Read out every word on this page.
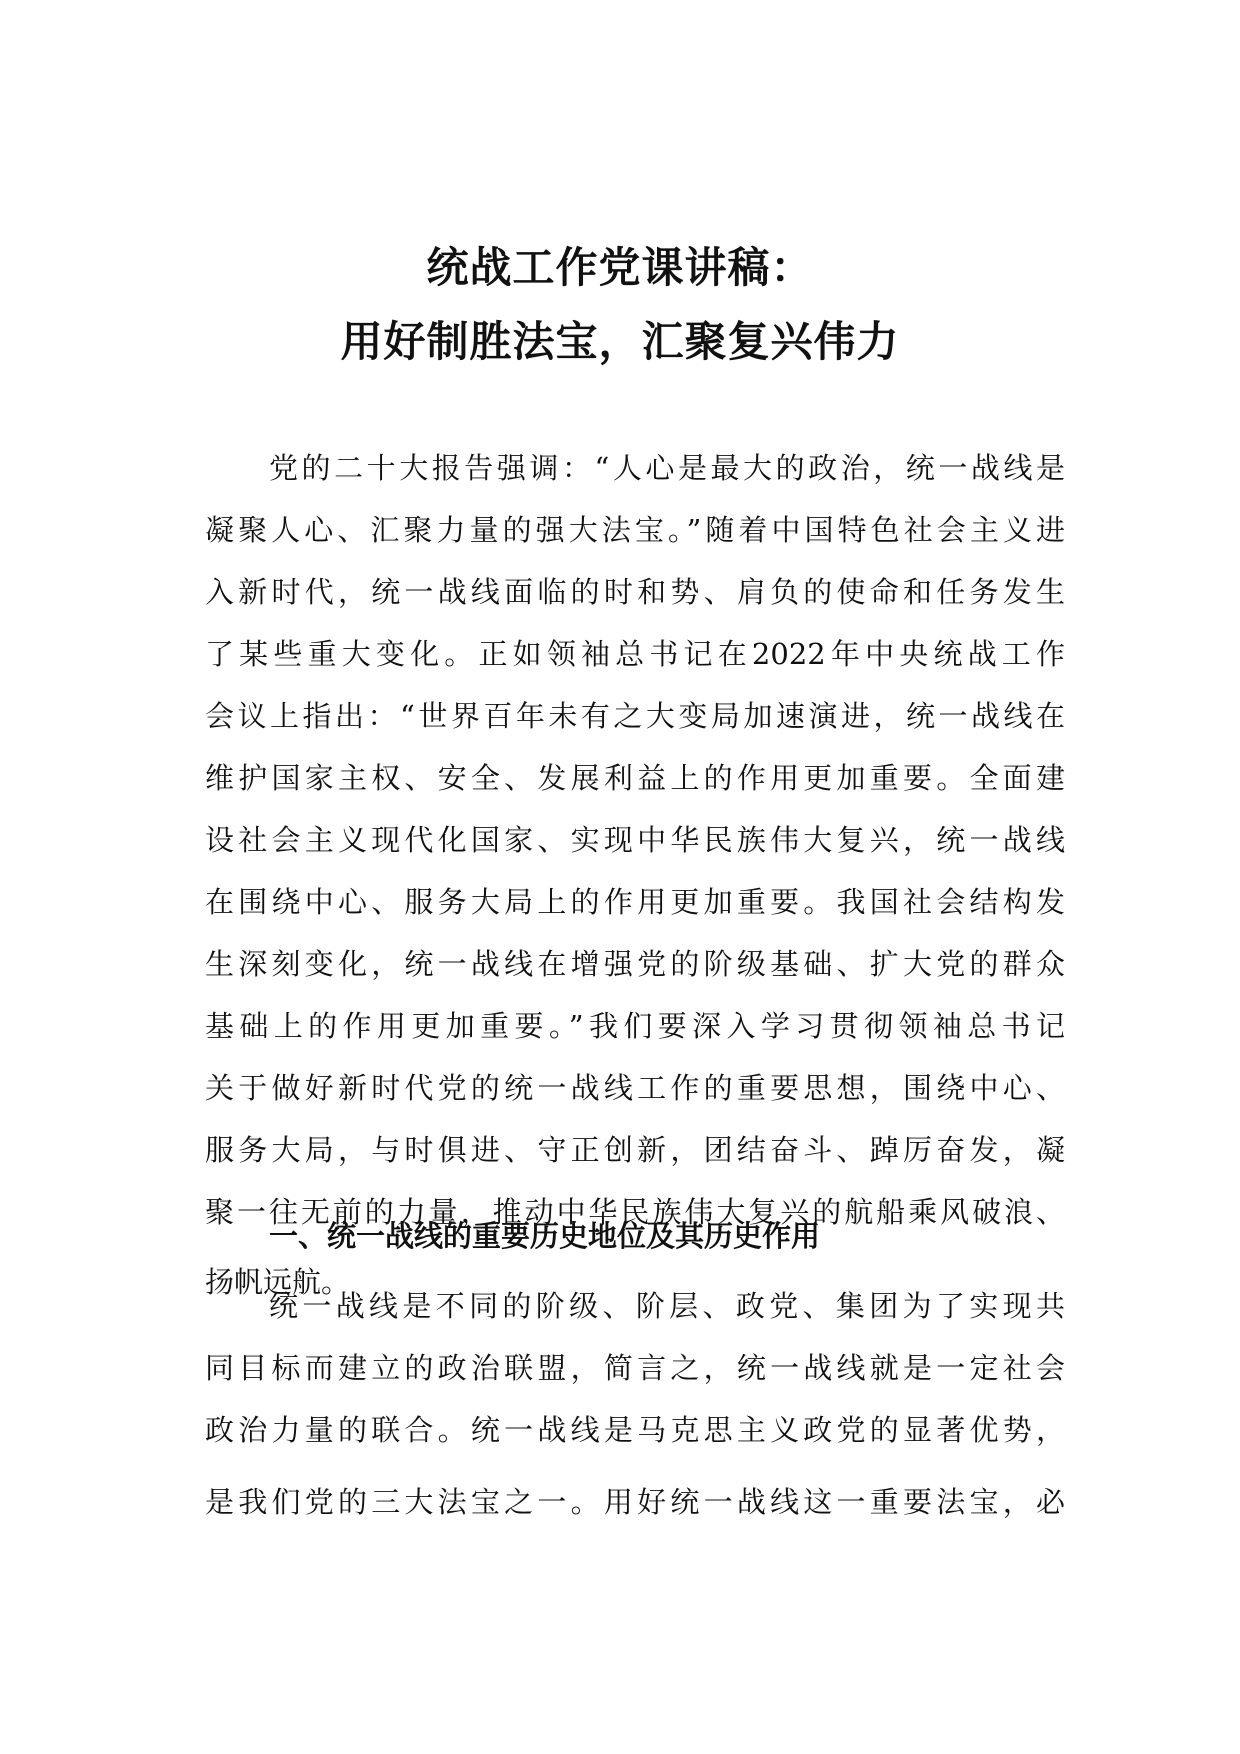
统战工作党课讲稿：
用好制胜法宝，汇聚复兴伟力
党的二十大报告强调：“人心是最大的政治，统一战线是
凝聚人心、汇聚力量的强大法宝。”随着中国特色社会主义进
入新时代，统一战线面临的时和势、肩负的使命和任务发生
了某些重大变化。正如领袖总书记在2022年中央统战工作
会议上指出：“世界百年未有之大变局加速演进，统一战线在
维护国家主权、安全、发展利益上的作用更加重要。全面建
设社会主义现代化国家、实现中华民族伟大复兴，统一战线
在围绕中心、服务大局上的作用更加重要。我国社会结构发
生深刻变化，统一战线在增强党的阶级基础、扩大党的群众
基础上的作用更加重要。”我们要深入学习贯彻领袖总书记
关于做好新时代党的统一战线工作的重要思想，围绕中心、
服务大局，与时俱进、守正创新，团结奋斗、踔厉奋发，凝
聚一往无前的力量，推动中华民族伟大复兴的航船乘风破浪、
扬帆远航。
一、统一战线的重要历史地位及其历史作用
统一战线是不同的阶级、阶层、政党、集团为了实现共
同目标而建立的政治联盟，简言之，统一战线就是一定社会
政治力量的联合。统一战线是马克思主义政党的显著优势，
是我们党的三大法宝之一。用好统一战线这一重要法宝，必
